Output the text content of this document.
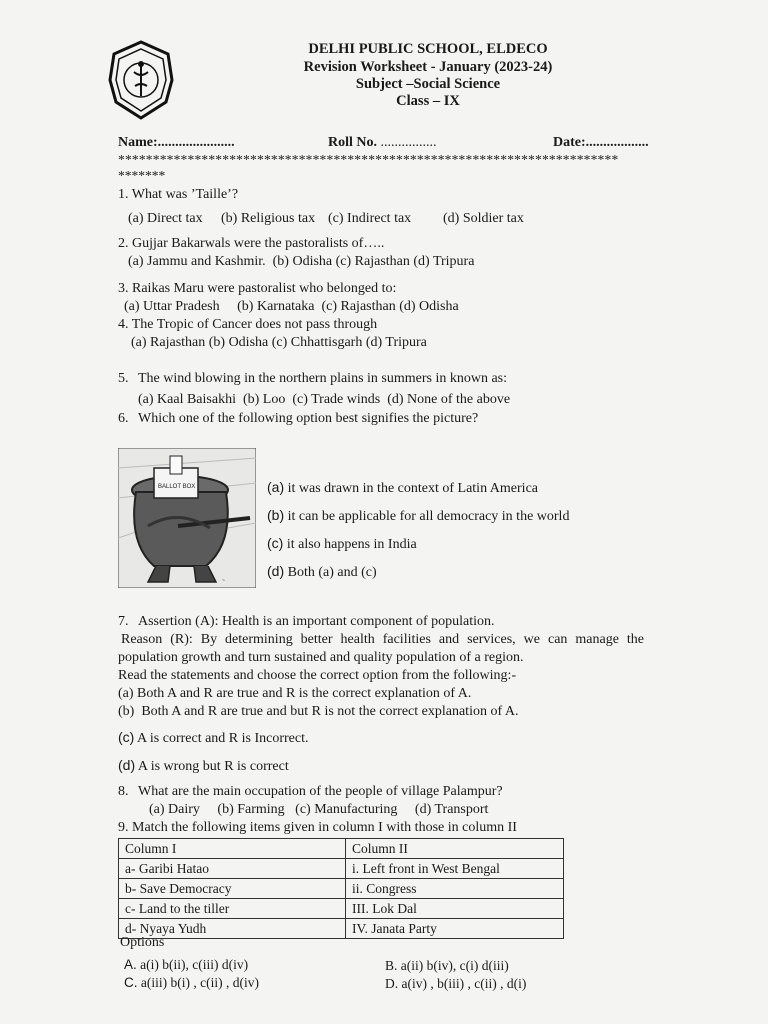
DELHI PUBLIC SCHOOL, ELDECO
Revision Worksheet - January (2023-24)
Subject –Social Science
Class – IX
Name:......................	Roll No. ................	Date:..................
************************************************************************
*******
1. What was ’Taille’?
(a) Direct tax (b) Religious tax (c) Indirect tax (d) Soldier tax
2. Gujjar Bakarwals were the pastoralists of…..
(a) Jammu and Kashmir.  (b) Odisha (c) Rajasthan (d) Tripura
3. Raikas Maru were pastoralist who belonged to:
(a) Uttar Pradesh     (b) Karnataka  (c) Rajasthan (d) Odisha
4. The Tropic of Cancer does not pass through
(a) Rajasthan (b) Odisha (c) Chhattisgarh (d) Tripura
5. The wind blowing in the northern plains in summers in known as:
(a) Kaal Baisakhi  (b) Loo  (c) Trade winds  (d) None of the above
6. Which one of the following option best signifies the picture?
BALLOT BOX
~
(a) it was drawn in the context of Latin America
(b) it can be applicable for all democracy in the world
(c) it also happens in India
(d) Both (a) and (c)
7. Assertion (A): Health is an important component of population.
Reason (R): By determining better health facilities and services, we can manage the
population growth and turn sustained and quality population of a region.
Read the statements and choose the correct option from the following:-
(a) Both A and R are true and R is the correct explanation of A.
(b)  Both A and R are true and but R is not the correct explanation of A.
(c) A is correct and R is Incorrect.
(d) A is wrong but R is correct
8. What are the main occupation of the people of village Palampur?
(a) Dairy     (b) Farming   (c) Manufacturing     (d) Transport
9. Match the following items given in column I with those in column II
Column I	Column II
a- Garibi Hatao	i. Left front in West Bengal
b- Save Democracy	ii. Congress
c- Land to the tiller	III. Lok Dal
d- Nyaya Yudh	IV. Janata Party
Options
A. a(i) b(ii), c(iii) d(iv)	B. a(ii) b(iv), c(i) d(iii)
C. a(iii) b(i) , c(ii) , d(iv)	D. a(iv) , b(iii) , c(ii) , d(i)
